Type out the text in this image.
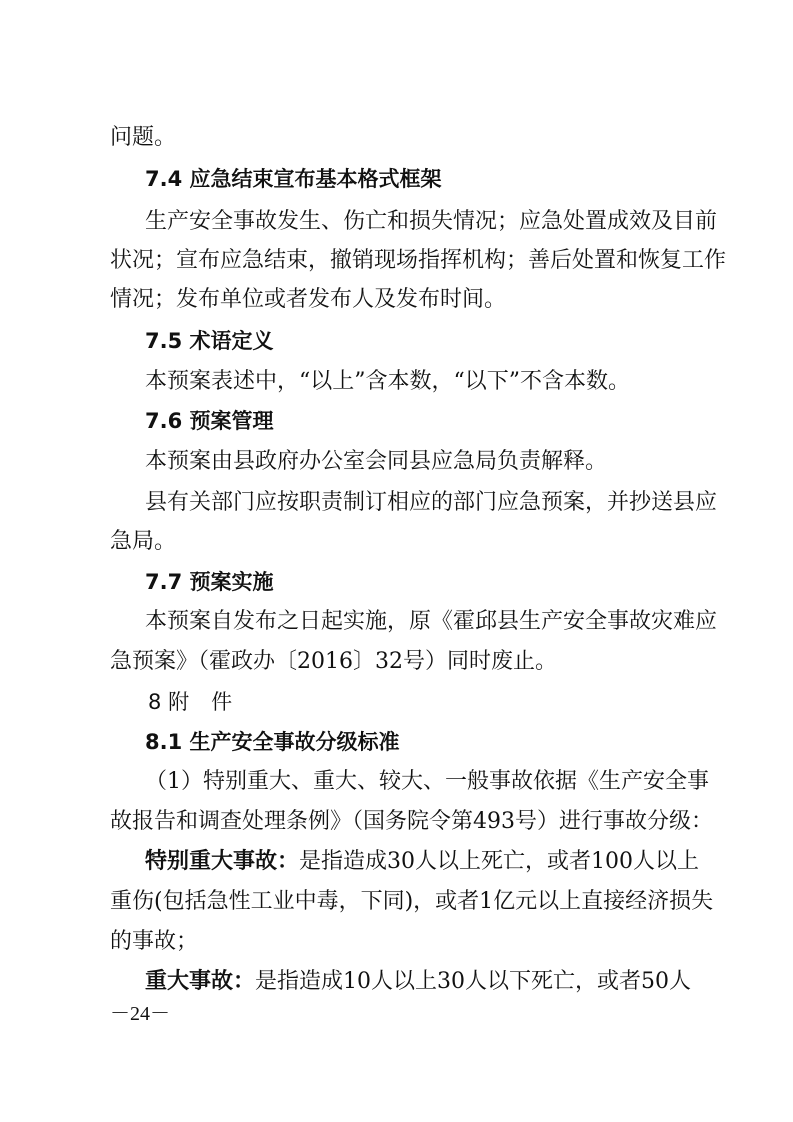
问题。
7.4 应急结束宣布基本格式框架
生产安全事故发生、伤亡和损失情况；应急处置成效及目前
状况；宣布应急结束，撤销现场指挥机构；善后处置和恢复工作
情况；发布单位或者发布人及发布时间。
7.5 术语定义
本预案表述中，“以上”含本数，“以下”不含本数。
7.6 预案管理
本预案由县政府办公室会同县应急局负责解释。
县有关部门应按职责制订相应的部门应急预案，并抄送县应
急局。
7.7 预案实施
本预案自发布之日起实施，原《霍邱县生产安全事故灾难应
急预案》（霍政办〔2016〕32号）同时废止。
8 附 件
8.1 生产安全事故分级标准
（1）特别重大、重大、较大、一般事故依据《生产安全事
故报告和调查处理条例》（国务院令第493号）进行事故分级：
特别重大事故：是指造成30人以上死亡，或者100人以上
重伤(包括急性工业中毒，下同)，或者1亿元以上直接经济损失
的事故；
重大事故：是指造成10人以上30人以下死亡，或者50人
－24－
